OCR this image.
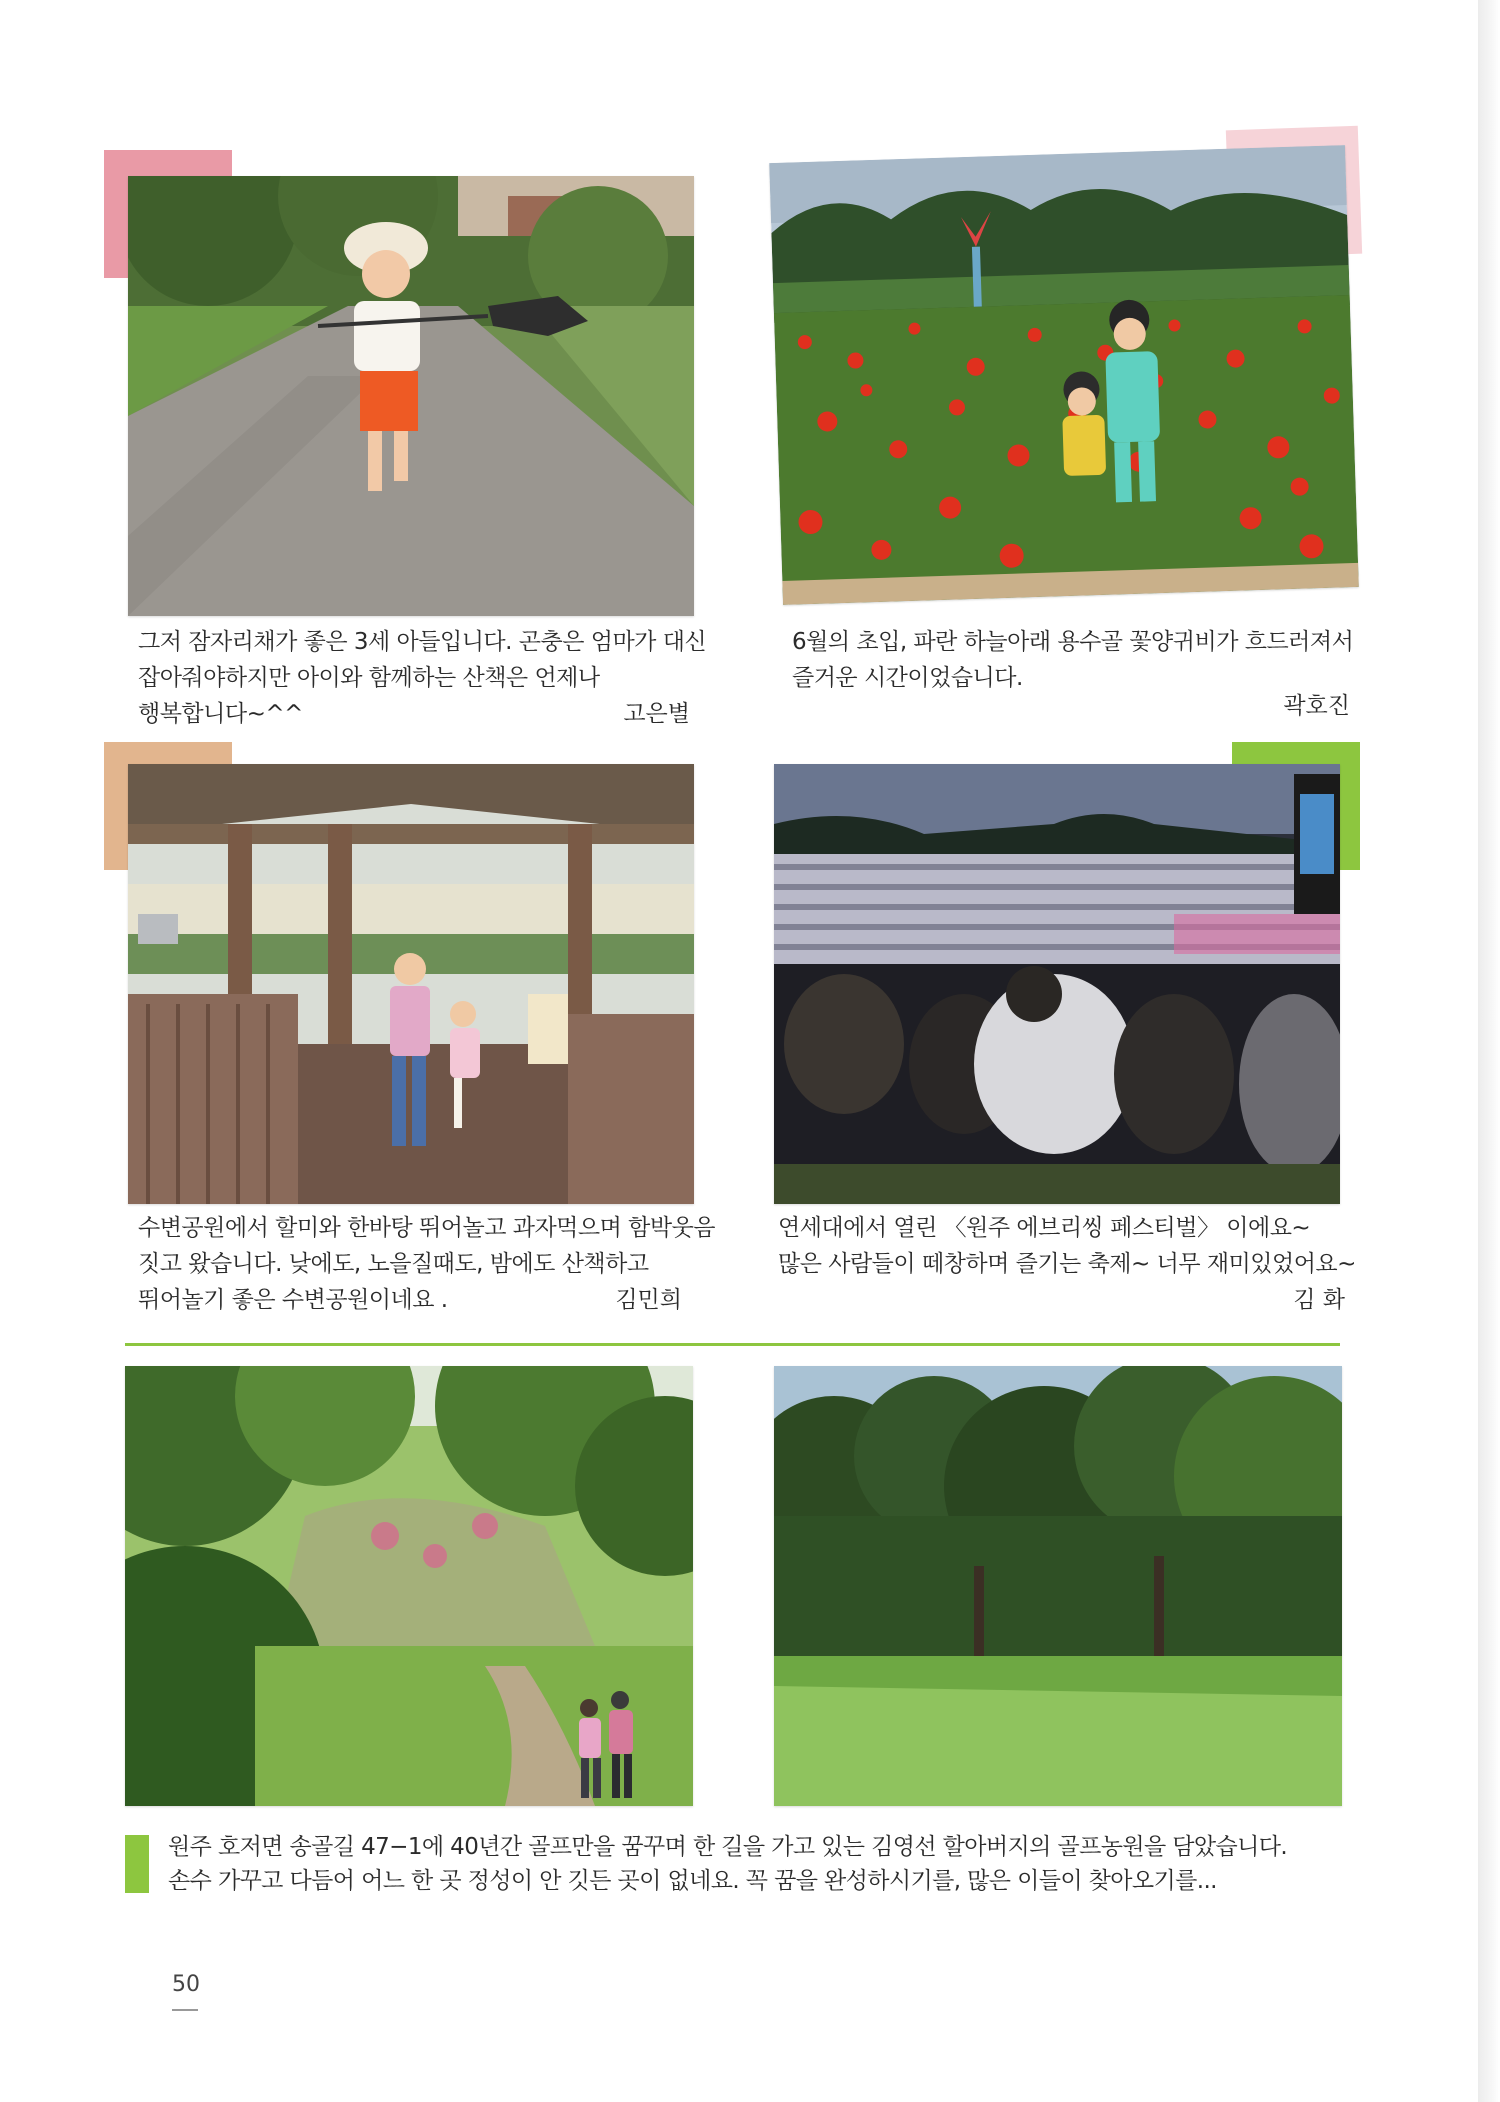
그저 잠자리채가 좋은 3세 아들입니다. 곤충은 엄마가 대신
잡아줘야하지만 아이와 함께하는 산책은 언제나
행복합니다~^^	고은별
6월의 초입, 파란 하늘아래 용수골 꽃양귀비가 흐드러져서
즐거운 시간이었습니다.
곽호진
수변공원에서 할미와 한바탕 뛰어놀고 과자먹으며 함박웃음
짓고 왔습니다. 낮에도, 노을질때도, 밤에도 산책하고
뛰어놀기 좋은 수변공원이네요 .	김민희
연세대에서 열린 〈원주 에브리씽 페스티벌〉 이에요~
많은 사람들이 떼창하며 즐기는 축제~ 너무 재미있었어요~
김 화
원주 호저면 송골길 47−1에 40년간 골프만을 꿈꾸며 한 길을 가고 있는 김영선 할아버지의 골프농원을 담았습니다.
손수 가꾸고 다듬어 어느 한 곳 정성이 안 깃든 곳이 없네요. 꼭 꿈을 완성하시기를, 많은 이들이 찾아오기를...
50
